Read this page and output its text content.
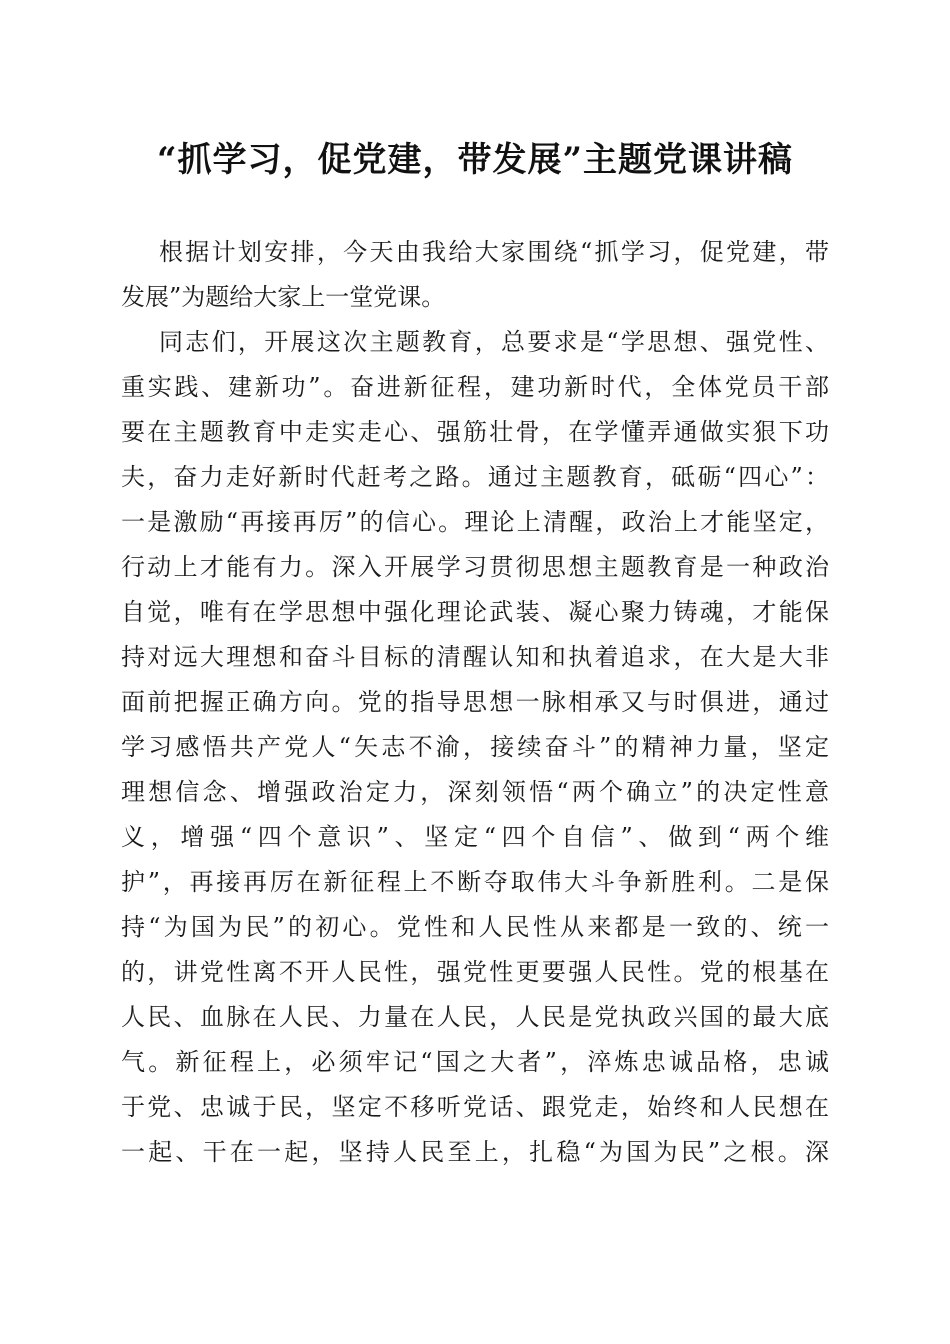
“抓学习，促党建，带发展”主题党课讲稿
根据计划安排，今天由我给大家围绕“抓学习，促党建，带
发展”为题给大家上一堂党课。
同志们，开展这次主题教育，总要求是“学思想、强党性、
重实践、建新功”。奋进新征程，建功新时代，全体党员干部
要在主题教育中走实走心、强筋壮骨，在学懂弄通做实狠下功
夫，奋力走好新时代赶考之路。通过主题教育，砥砺“四心”：
一是激励“再接再厉”的信心。理论上清醒，政治上才能坚定，
行动上才能有力。深入开展学习贯彻思想主题教育是一种政治
自觉，唯有在学思想中强化理论武装、凝心聚力铸魂，才能保
持对远大理想和奋斗目标的清醒认知和执着追求，在大是大非
面前把握正确方向。党的指导思想一脉相承又与时俱进，通过
学习感悟共产党人“矢志不渝，接续奋斗”的精神力量，坚定
理想信念、增强政治定力，深刻领悟“两个确立”的决定性意
义，增强“四个意识”、坚定“四个自信”、做到“两个维
护”，再接再厉在新征程上不断夺取伟大斗争新胜利。二是保
持“为国为民”的初心。党性和人民性从来都是一致的、统一
的，讲党性离不开人民性，强党性更要强人民性。党的根基在
人民、血脉在人民、力量在人民，人民是党执政兴国的最大底
气。新征程上，必须牢记“国之大者”，淬炼忠诚品格，忠诚
于党、忠诚于民，坚定不移听党话、跟党走，始终和人民想在
一起、干在一起，坚持人民至上，扎稳“为国为民”之根。深
